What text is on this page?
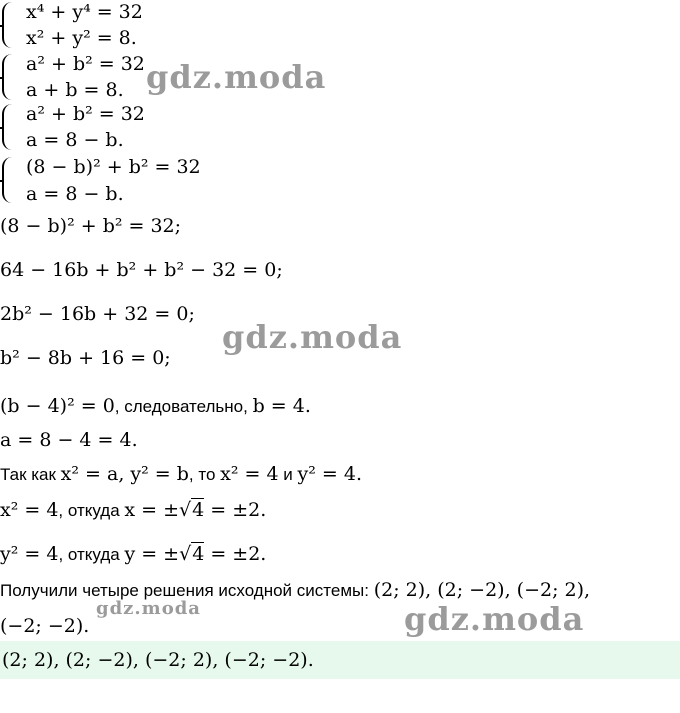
x⁴ + y⁴ = 32
x² + y² = 8.
a² + b² = 32
a + b = 8.
a² + b² = 32
a = 8 − b.
(8 − b)² + b² = 32
a = 8 − b.
(8 − b)² + b² = 32;
64 − 16b + b² + b² − 32 = 0;
2b² − 16b + 32 = 0;
b² − 8b + 16 = 0;
(b − 4)² = 0, следовательно, b = 4.
a = 8 − 4 = 4.
Так как x² = a, y² = b, то x² = 4 и y² = 4.
x² = 4, откуда x = ±√4 = ±2.
y² = 4, откуда y = ±√4 = ±2.
Получили четыре решения исходной системы: (2; 2), (2; −2), (−2; 2),
(−2; −2).
(2; 2), (2; −2), (−2; 2), (−2; −2).
gdz.moda
gdz.moda
gdz.moda	gdz.moda
